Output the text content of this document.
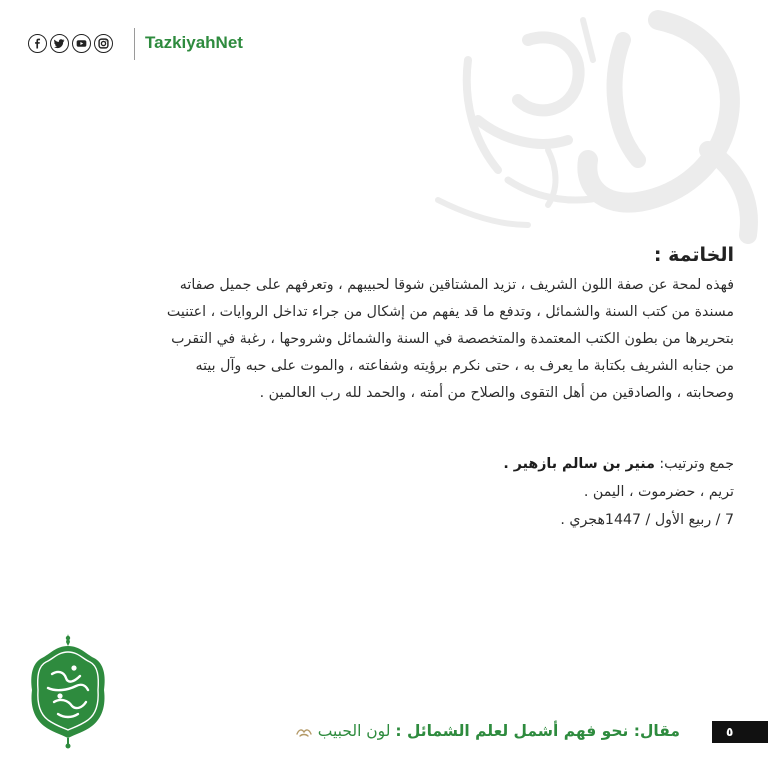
TazkiyahNet
الخاتمة :
فهذه لمحة عن صفة اللون الشريف ، تزيد المشتاقين شوقا لحبيبهم ، وتعرفهم على جميل صفاته
مسندة من كتب السنة والشمائل ، وتدفع ما قد يفهم من إشكال من جراء تداخل الروايات ، اعتنيت
بتحريرها من بطون الكتب المعتمدة والمتخصصة في السنة والشمائل وشروحها ، رغبة في التقرب
من جنابه الشريف بكتابة ما يعرف به ، حتى نكرم برؤيته وشفاعته ، والموت على حبه وآل بيته
وصحابته ، والصادقين من أهل التقوى والصلاح من أمته ، والحمد لله رب العالمين .
جمع وترتيب: منير بن سالم بازهير .
تريم ، حضرموت ، اليمن .
7 / ربيع الأول / 1447هجري .
مقال: نحو فهم أشمل لعلم الشمائل : لون الحبيب	٥
